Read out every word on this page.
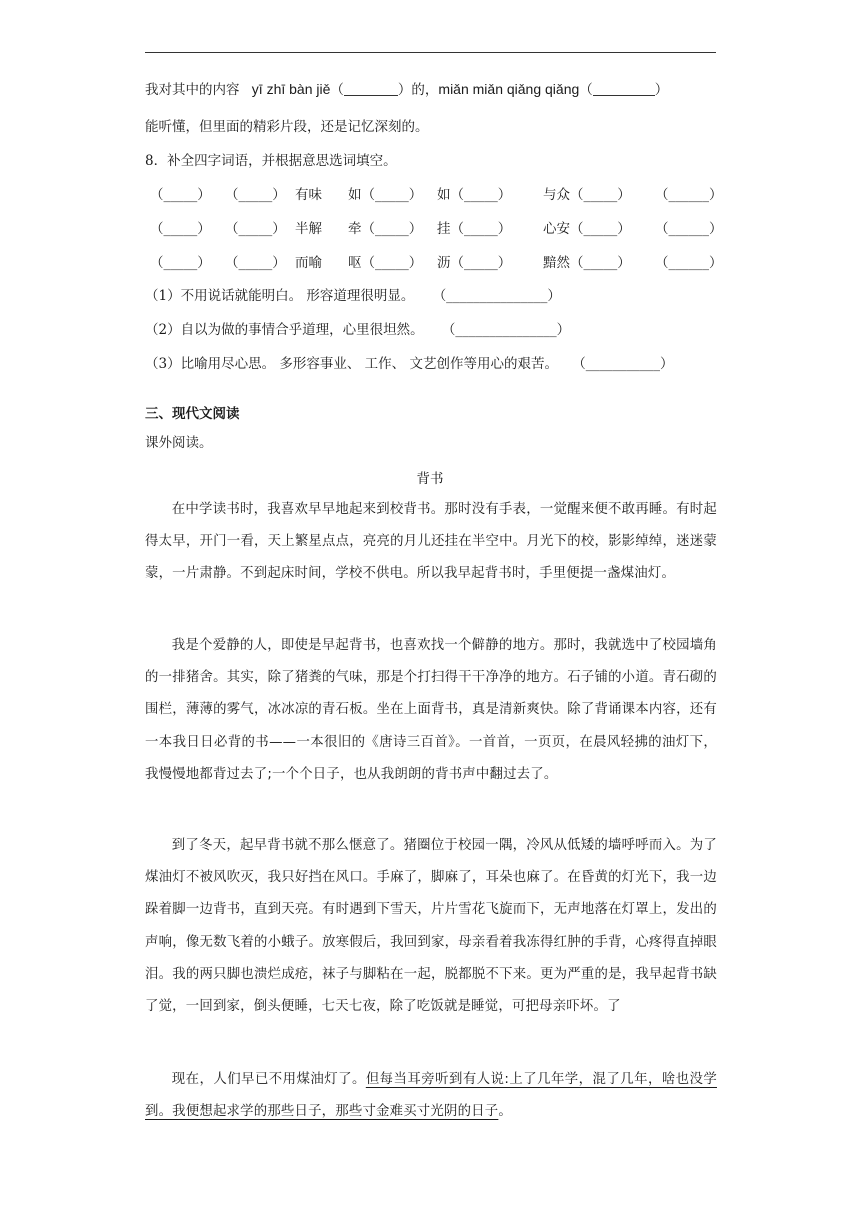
我对其中的内容 yī zhī bàn jiě（	）的，miǎn miǎn qiǎng qiǎng（	）
能听懂，但里面的精彩片段，还是记忆深刻的。
8．补全四字词语，并根据意思选词填空。
（_____） （_____） 有味 如（_____） 如（_____） 与众（_____） （______）
（_____） （_____） 半解 牵（_____） 挂（_____） 心安（_____） （______）
（_____） （_____） 而喻 呕（_____） 沥（_____） 黯然（_____） （______）
（1）不用说话就能明白。 形容道理很明显。 （_______________）
（2）自以为做的事情合乎道理，心里很坦然。 （_______________）
（3）比喻用尽心思。 多形容事业、 工作、 文艺创作等用心的艰苦。 （___________）
三、现代文阅读
课外阅读。
背书
在中学读书时，我喜欢早早地起来到校背书。那时没有手表，一觉醒来便不敢再睡。有时起得太早，开门一看，天上繁星点点，亮亮的月儿还挂在半空中。月光下的校，影影绰绰，迷迷蒙蒙，一片肃静。不到起床时间，学校不供电。所以我早起背书时，手里便提一盏煤油灯。
我是个爱静的人，即使是早起背书，也喜欢找一个僻静的地方。那时，我就选中了校园墙角的一排猪舍。其实，除了猪粪的气味，那是个打扫得干干净净的地方。石子铺的小道。青石砌的围栏，薄薄的雾气，冰冰凉的青石板。坐在上面背书，真是清新爽快。除了背诵课本内容，还有一本我日日必背的书——一本很旧的《唐诗三百首》。一首首，一页页，在晨风轻拂的油灯下，我慢慢地都背过去了;一个个日子，也从我朗朗的背书声中翻过去了。
到了冬天，起早背书就不那么惬意了。猪圈位于校园一隅，冷风从低矮的墙呼呼而入。为了煤油灯不被风吹灭，我只好挡在风口。手麻了，脚麻了，耳朵也麻了。在昏黄的灯光下，我一边跺着脚一边背书，直到天亮。有时遇到下雪天，片片雪花飞旋而下，无声地落在灯罩上，发出的声响，像无数飞着的小蛾子。放寒假后，我回到家，母亲看着我冻得红肿的手背，心疼得直掉眼泪。我的两只脚也溃烂成疮，袜子与脚粘在一起，脱都脱不下来。更为严重的是，我早起背书缺了觉，一回到家，倒头便睡，七天七夜，除了吃饭就是睡觉，可把母亲吓坏。了
现在，人们早已不用煤油灯了。但每当耳旁听到有人说:上了几年学，混了几年，啥也没学到。我便想起求学的那些日子，那些寸金难买寸光阴的日子。
